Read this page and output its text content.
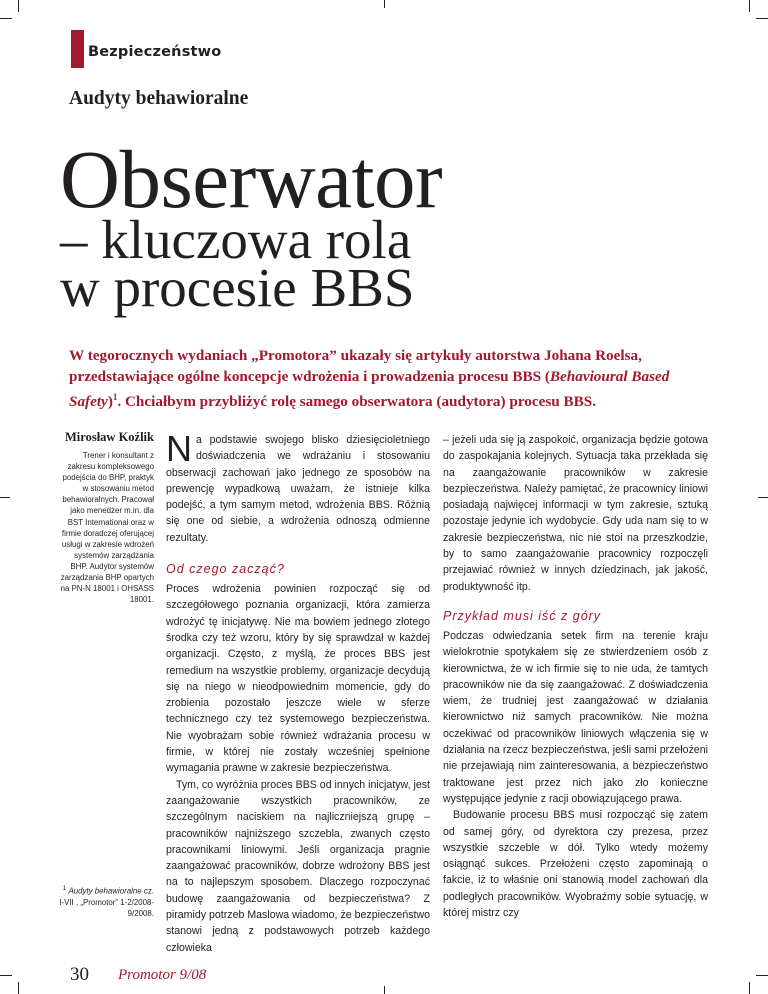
Bezpieczeństwo
Audyty behawioralne
Obserwator
– kluczowa rola
w procesie BBS
W tegorocznych wydaniach „Promotora” ukazały się artykuły autorstwa Johana Roelsa, przedstawiające ogólne koncepcje wdrożenia i prowadzenia procesu BBS (Behavioural Based Safety)$^1$. Chciałbym przybliżyć rolę samego obserwatora (audytora) procesu BBS.
Mirosław Koźlik
Trener i konsultant z zakresu kompleksowego podejścia do BHP, praktyk w stosowaniu metod behawioralnych. Pracował jako menedżer m.in. dla BST International oraz w firmie doradczej oferującej usługi w zakresie wdrożeń systemów zarządzania BHP. Audytor systemów zarządzania BHP opartych na PN-N 18001 i OHSASS 18001.
$^1$ Audyty behawioralne cz. I-VII , „Promotor” 1-2/2008-9/2008.

Na podstawie swojego blisko dziesięcioletniego doświadczenia we wdrażaniu i stosowaniu obserwacji zachowań jako jednego ze sposobów na prewencję wypadkową uważam, że istnieje kilka podejść, a tym samym metod, wdrożenia BBS. Różnią się one od siebie, a wdrożenia odnoszą odmienne rezultaty.

Od czego zacząć?

Proces wdrożenia powinien rozpocząć się od szczegółowego poznania organizacji, która zamierza wdrożyć tę inicjatywę. Nie ma bowiem jednego złotego środka czy też wzoru, który by się sprawdzał w każdej organizacji. Często, z myślą, że proces BBS jest remedium na wszystkie problemy, organizacje decydują się na niego w nieodpowiednim momencie, gdy do zrobienia pozostało jeszcze wiele w sferze technicznego czy też systemowego bezpieczeństwa. Nie wyobrażam sobie również wdrażania procesu w firmie, w której nie zostały wcześniej spełnione wymagania prawne w zakresie bezpieczeństwa.

Tym, co wyróżnia proces BBS od innych inicjatyw, jest zaangażowanie wszystkich pracowników, ze szczególnym naciskiem na najliczniejszą grupę – pracowników najniższego szczebla, zwanych często pracownikami liniowymi. Jeśli organizacja pragnie zaangażować pracowników, dobrze wdrożony BBS jest na to najlepszym sposobem. Dlaczego rozpoczynać budowę zaangażowania od bezpieczeństwa? Z piramidy potrzeb Maslowa wiadomo, że bezpieczeństwo stanowi jedną z podstawowych potrzeb każdego człowieka

– jeżeli uda się ją zaspokoić, organizacja będzie gotowa do zaspokajania kolejnych. Sytuacja taka przekłada się na zaangażowanie pracowników w zakresie bezpieczeństwa. Należy pamiętać, że pracownicy liniowi posiadają najwięcej informacji w tym zakresie, sztuką pozostaje jedynie ich wydobycie. Gdy uda nam się to w zakresie bezpieczeństwa, nic nie stoi na przeszkodzie, by to samo zaangażowanie pracownicy rozpoczęli przejawiać również w innych dziedzinach, jak jakość, produktywność itp.

Przykład musi iść z góry

Podczas odwiedzania setek firm na terenie kraju wielokrotnie spotykałem się ze stwierdzeniem osób z kierownictwa, że w ich firmie się to nie uda, że tamtych pracowników nie da się zaangażować. Z doświadczenia wiem, że trudniej jest zaangażować w działania kierownictwo niż samych pracowników. Nie można oczekiwać od pracowników liniowych włączenia się w działania na rzecz bezpieczeństwa, jeśli sami przełożeni nie przejawiają nim zainteresowania, a bezpieczeństwo traktowane jest przez nich jako zło konieczne występujące jedynie z racji obowiązującego prawa.

Budowanie procesu BBS musi rozpocząć się zatem od samej góry, od dyrektora czy prezesa, przez wszystkie szczeble w dół. Tylko wtedy możemy osiągnąć sukces. Przełożeni często zapominają o fakcie, iż to właśnie oni stanowią model zachowań dla podległych pracowników. Wyobraźmy sobie sytuację, w której mistrz czy

30 Promotor 9/08
